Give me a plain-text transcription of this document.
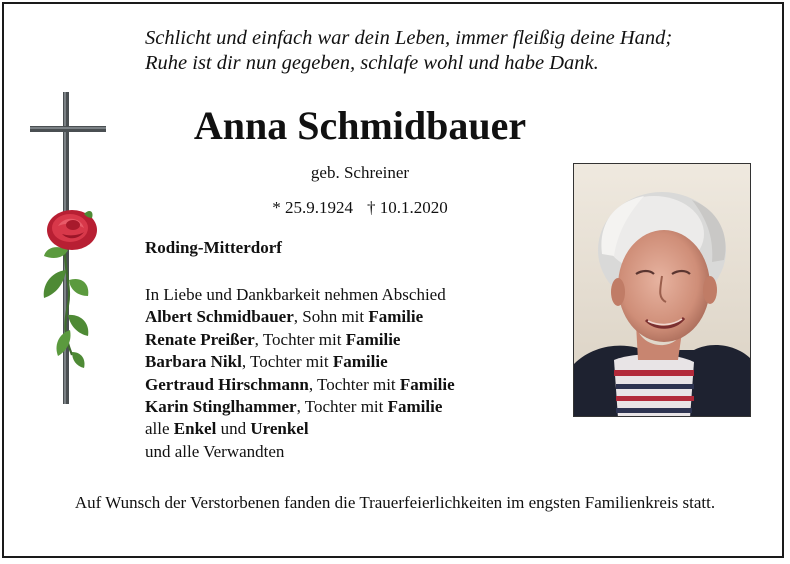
Schlicht und einfach war dein Leben, immer fleißig deine Hand;
Ruhe ist dir nun gegeben, schlafe wohl und habe Dank.

Anna Schmidbauer

geb. Schreiner

* 25.9.1924 † 10.1.2020

Roding-Mitterdorf

In Liebe und Dankbarkeit nehmen Abschied
Albert Schmidbauer, Sohn mit Familie
Renate Preißer, Tochter mit Familie
Barbara Nikl, Tochter mit Familie
Gertraud Hirschmann, Tochter mit Familie
Karin Stinglhammer, Tochter mit Familie
alle Enkel und Urenkel
und alle Verwandten

Auf Wunsch der Verstorbenen fanden die Trauerfeierlichkeiten im engsten Familienkreis statt.
